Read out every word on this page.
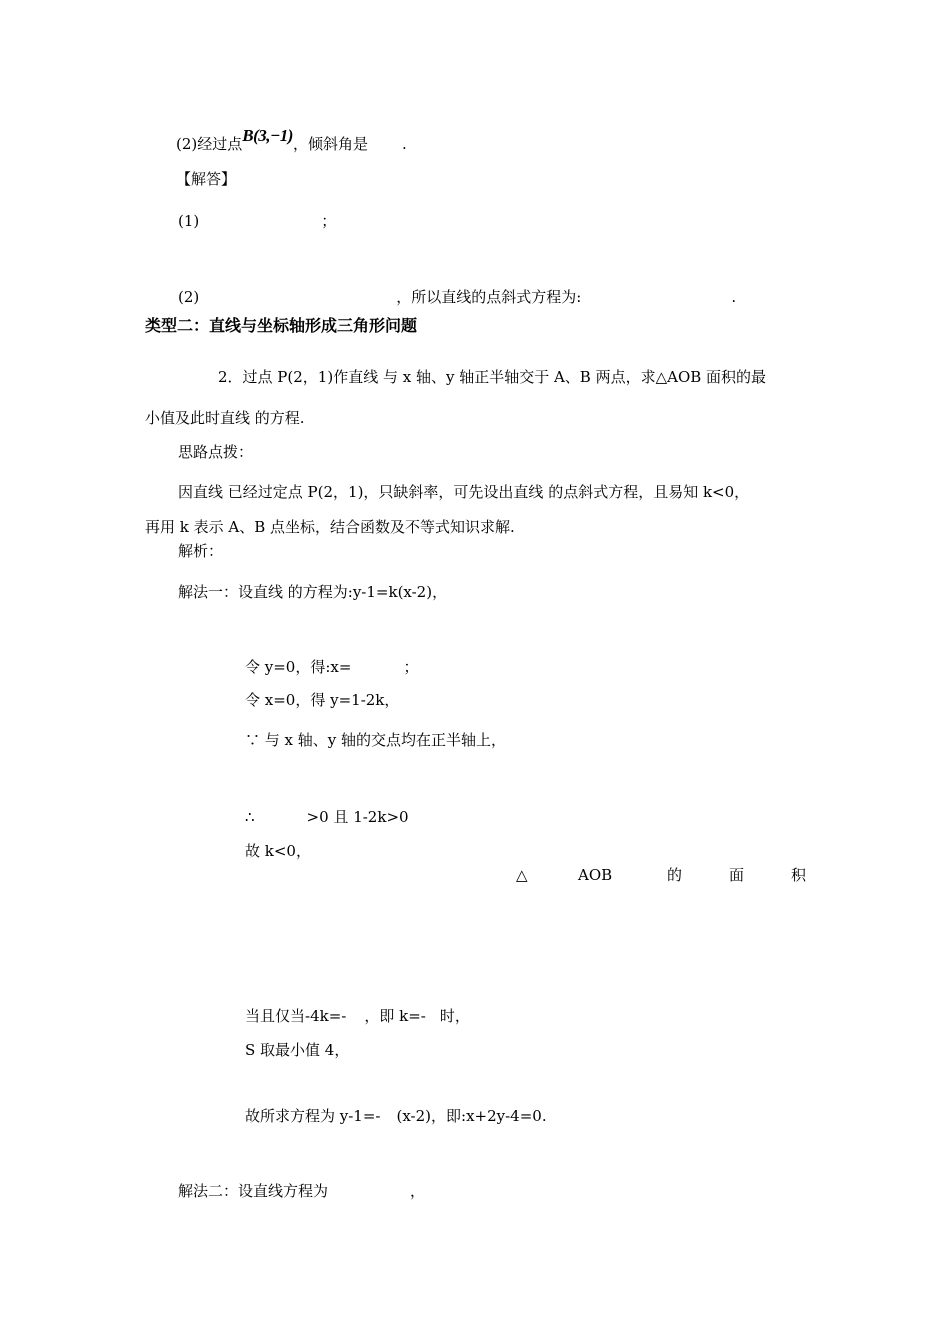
(2)经过点B(3,−1)，倾斜角是 .
【解答】
(1)	；
(2)	，所以直线的点斜式方程为:	.
类型二：直线与坐标轴形成三角形问题
2．过点 P(2，1)作直线 与 x 轴、y 轴正半轴交于 A、B 两点，求△AOB 面积的最
小值及此时直线 的方程.
思路点拨：
因直线 已经过定点 P(2，1)，只缺斜率，可先设出直线 的点斜式方程，且易知 k<0，
再用 k 表示 A、B 点坐标，结合函数及不等式知识求解.
解析：
解法一：设直线 的方程为:y-1=k(x-2)，
令 y=0，得:x=	；
令 x=0，得 y=1-2k，
∵ 与 x 轴、y 轴的交点均在正半轴上，
∴	>0 且 1-2k>0
故 k<0，
△	AOB	的	面	积
当且仅当-4k=- ，即 k=- 时，
S 取最小值 4，
故所求方程为 y-1=- (x-2)，即:x+2y-4=0.
解法二：设直线方程为	，
